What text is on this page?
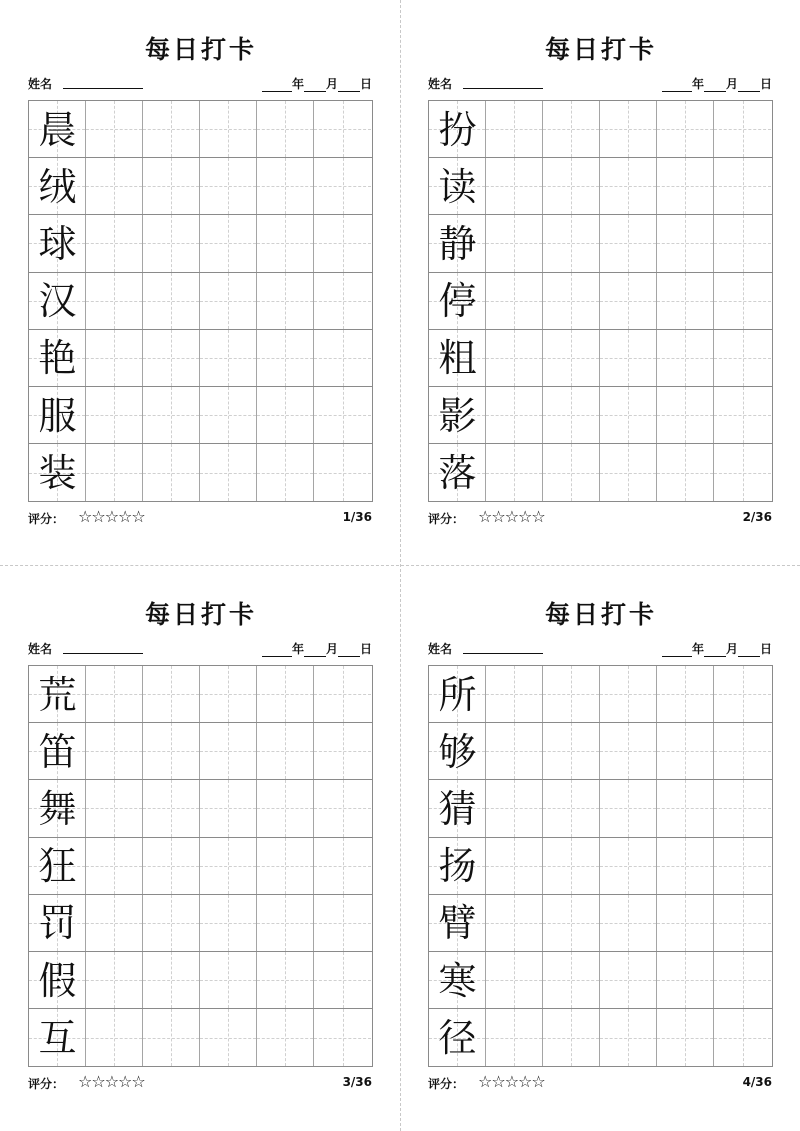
每日打卡
姓名	年 月 日
晨
绒
球
汉
艳
服
装
评分： ☆☆☆☆☆	1/36
每日打卡
姓名	年 月 日
扮
读
静
停
粗
影
落
评分： ☆☆☆☆☆	2/36
每日打卡
姓名	年 月 日
荒
笛
舞
狂
罚
假
互
评分： ☆☆☆☆☆	3/36
每日打卡
姓名	年 月 日
所
够
猜
扬
臂
寒
径
评分： ☆☆☆☆☆	4/36
